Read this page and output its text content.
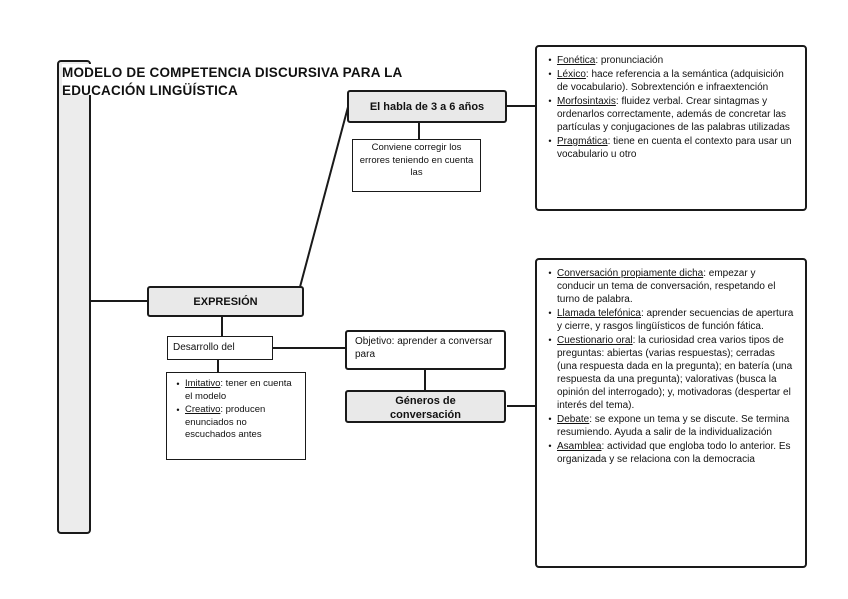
MODELO DE COMPETENCIA DISCURSIVA PARA LA
EDUCACIÓN LINGÜÍSTICA
El habla de 3 a 6 años
Conviene corregir los errores teniendo en cuenta las
• Fonética: pronunciación
• Léxico: hace referencia a la semántica (adquisición de vocabulario). Sobrextención e infraextención
• Morfosintaxis: fluidez verbal. Crear sintagmas y ordenarlos correctamente, además de concretar las partículas y conjugaciones de las palabras utilizadas
• Pragmática: tiene en cuenta el contexto para usar un vocabulario u otro
EXPRESIÓN
Desarrollo del
Objetivo: aprender a conversar para
• Imitativo: tener en cuenta el modelo
• Creativo: producen enunciados no escuchados antes
Géneros de
conversación
• Conversación propiamente dicha: empezar y conducir un tema de conversación, respetando el turno de palabra.
• Llamada telefónica: aprender secuencias de apertura y cierre, y rasgos lingüísticos de función fática.
• Cuestionario oral: la curiosidad crea varios tipos de preguntas: abiertas (varias respuestas); cerradas (una respuesta dada en la pregunta); en batería (una respuesta da una pregunta); valorativas (busca la opinión del interrogado); y, motivadoras (despertar el interés del tema).
• Debate: se expone un tema y se discute. Se termina resumiendo. Ayuda a salir de la individualización
• Asamblea: actividad que engloba todo lo anterior. Es organizada y se relaciona con la democracia
